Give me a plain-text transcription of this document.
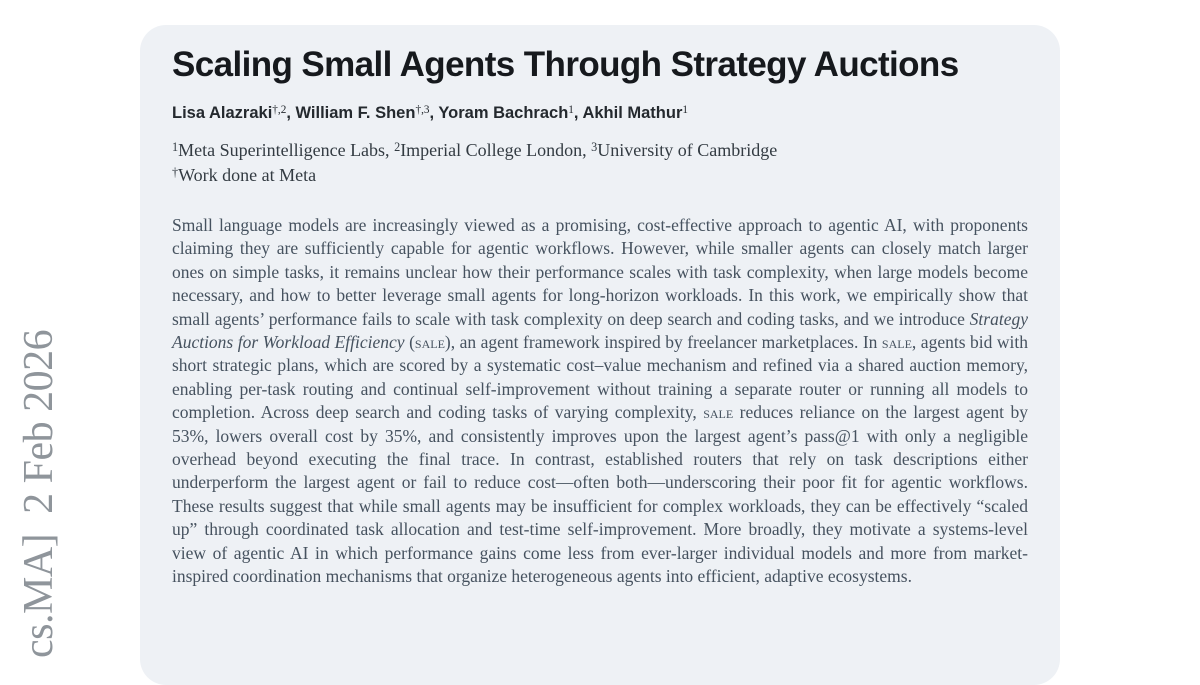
cs.MA]  2 Feb 2026
Scaling Small Agents Through Strategy Auctions
Lisa Alazraki$^{\dagger,2}$, William F. Shen$^{\dagger,3}$, Yoram Bachrach$^1$, Akhil Mathur$^1$
$^1$Meta Superintelligence Labs, $^2$Imperial College London, $^3$University of Cambridge
†Work done at Meta

Small language models are increasingly viewed as a promising, cost-effective approach to agentic AI, with proponents claiming they are sufficiently capable for agentic workflows. However, while smaller agents can closely match larger ones on simple tasks, it remains unclear how their performance scales with task complexity, when large models become necessary, and how to better leverage small agents for long-horizon workloads. In this work, we empirically show that small agents’ performance fails to scale with task complexity on deep search and coding tasks, and we introduce Strategy Auctions for Workload Efficiency (sale), an agent framework inspired by freelancer marketplaces. In sale, agents bid with short strategic plans, which are scored by a systematic cost–value mechanism and refined via a shared auction memory, enabling per-task routing and continual self-improvement without training a separate router or running all models to completion. Across deep search and coding tasks of varying complexity, sale reduces reliance on the largest agent by 53%, lowers overall cost by 35%, and consistently improves upon the largest agent’s pass@1 with only a negligible overhead beyond executing the final trace. In contrast, established routers that rely on task descriptions either underperform the largest agent or fail to reduce cost—often both—underscoring their poor fit for agentic workflows. These results suggest that while small agents may be insufficient for complex workloads, they can be effectively “scaled up” through coordinated task allocation and test-time self-improvement. More broadly, they motivate a systems-level view of agentic AI in which performance gains come less from ever-larger individual models and more from market-inspired coordination mechanisms that organize heterogeneous agents into efficient, adaptive ecosystems.
